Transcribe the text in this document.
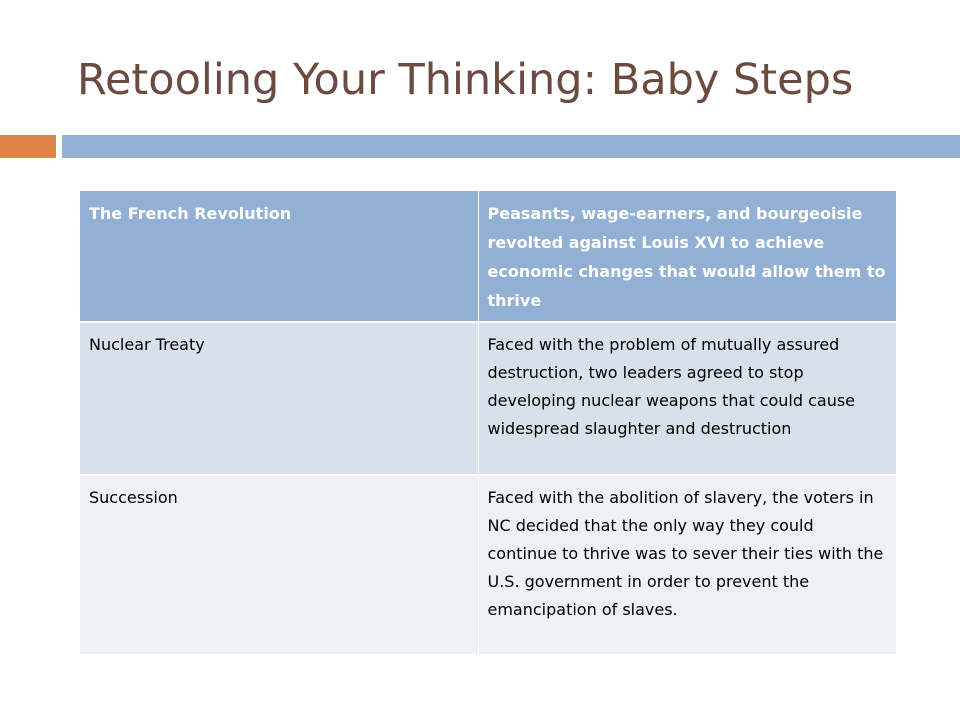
Retooling Your Thinking: Baby Steps
The French Revolution	Peasants, wage-earners, and bourgeoisie revolted against Louis XVI to achieve economic changes that would allow them to thrive
Nuclear Treaty	Faced with the problem of mutually assured destruction, two leaders agreed to stop developing nuclear weapons that could cause widespread slaughter and destruction
Succession	Faced with the abolition of slavery, the voters in NC decided that the only way they could continue to thrive was to sever their ties with the U.S. government in order to prevent the emancipation of slaves.
